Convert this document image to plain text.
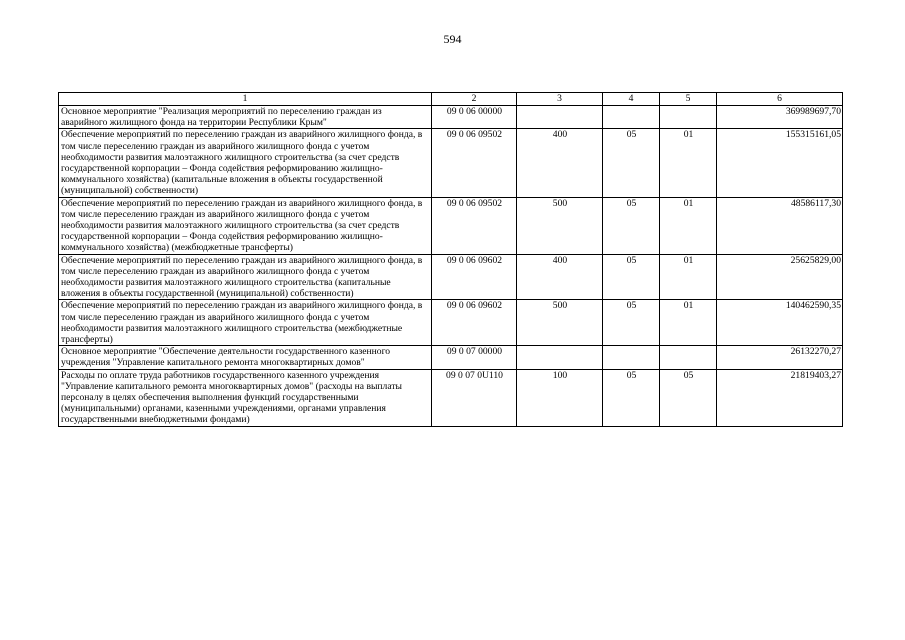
594
1	2	3	4	5	6
Основное мероприятие "Реализация мероприятий по переселению граждан из аварийного жилищного фонда на территории Республики Крым"	09 0 06 00000				369989697,70
Обеспечение мероприятий по переселению граждан из аварийного жилищного фонда, в том числе переселению граждан из аварийного жилищного фонда с учетом необходимости развития малоэтажного жилищного строительства (за счет средств государственной корпорации – Фонда содействия реформированию жилищно-коммунального хозяйства) (капитальные вложения в объекты государственной (муниципальной) собственности)	09 0 06 09502	400	05	01	155315161,05
Обеспечение мероприятий по переселению граждан из аварийного жилищного фонда, в том числе переселению граждан из аварийного жилищного фонда с учетом необходимости развития малоэтажного жилищного строительства (за счет средств государственной корпорации – Фонда содействия реформированию жилищно-коммунального хозяйства) (межбюджетные трансферты)	09 0 06 09502	500	05	01	48586117,30
Обеспечение мероприятий по переселению граждан из аварийного жилищного фонда, в том числе переселению граждан из аварийного жилищного фонда с учетом необходимости развития малоэтажного жилищного строительства (капитальные вложения в объекты государственной (муниципальной) собственности)	09 0 06 09602	400	05	01	25625829,00
Обеспечение мероприятий по переселению граждан из аварийного жилищного фонда, в том числе переселению граждан из аварийного жилищного фонда с учетом необходимости развития малоэтажного жилищного строительства (межбюджетные трансферты)	09 0 06 09602	500	05	01	140462590,35
Основное мероприятие "Обеспечение деятельности государственного казенного учреждения "Управление капитального ремонта многоквартирных домов"	09 0 07 00000				26132270,27
Расходы по оплате труда работников государственного казенного учреждения "Управление капитального ремонта многоквартирных домов" (расходы на выплаты персоналу в целях обеспечения выполнения функций государственными (муниципальными) органами, казенными учреждениями, органами управления государственными внебюджетными фондами)	09 0 07 0U110	100	05	05	21819403,27
